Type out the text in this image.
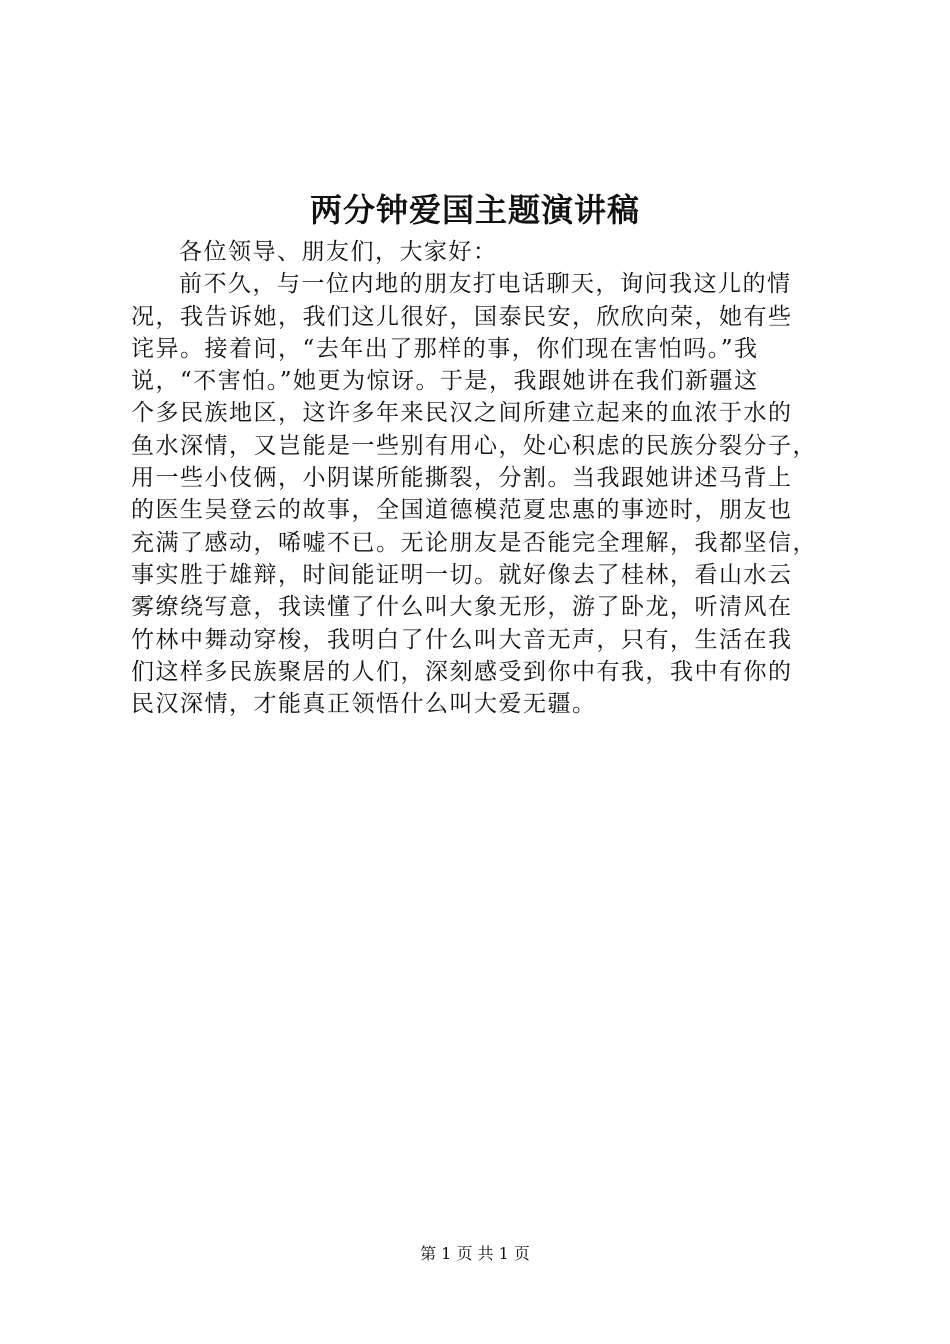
两分钟爱国主题演讲稿
各位领导、朋友们，大家好：
前不久，与一位内地的朋友打电话聊天，询问我这儿的情
况，我告诉她，我们这儿很好，国泰民安，欣欣向荣，她有些
诧异。接着问，“去年出了那样的事，你们现在害怕吗。”我
说，“不害怕。”她更为惊讶。于是，我跟她讲在我们新疆这
个多民族地区，这许多年来民汉之间所建立起来的血浓于水的
鱼水深情，又岂能是一些别有用心，处心积虑的民族分裂分子，
用一些小伎俩，小阴谋所能撕裂，分割。当我跟她讲述马背上
的医生吴登云的故事，全国道德模范夏忠惠的事迹时，朋友也
充满了感动，唏嘘不已。无论朋友是否能完全理解，我都坚信，
事实胜于雄辩，时间能证明一切。就好像去了桂林，看山水云
雾缭绕写意，我读懂了什么叫大象无形，游了卧龙，听清风在
竹林中舞动穿梭，我明白了什么叫大音无声，只有，生活在我
们这样多民族聚居的人们，深刻感受到你中有我，我中有你的
民汉深情，才能真正领悟什么叫大爱无疆。
第 1 页 共 1 页
